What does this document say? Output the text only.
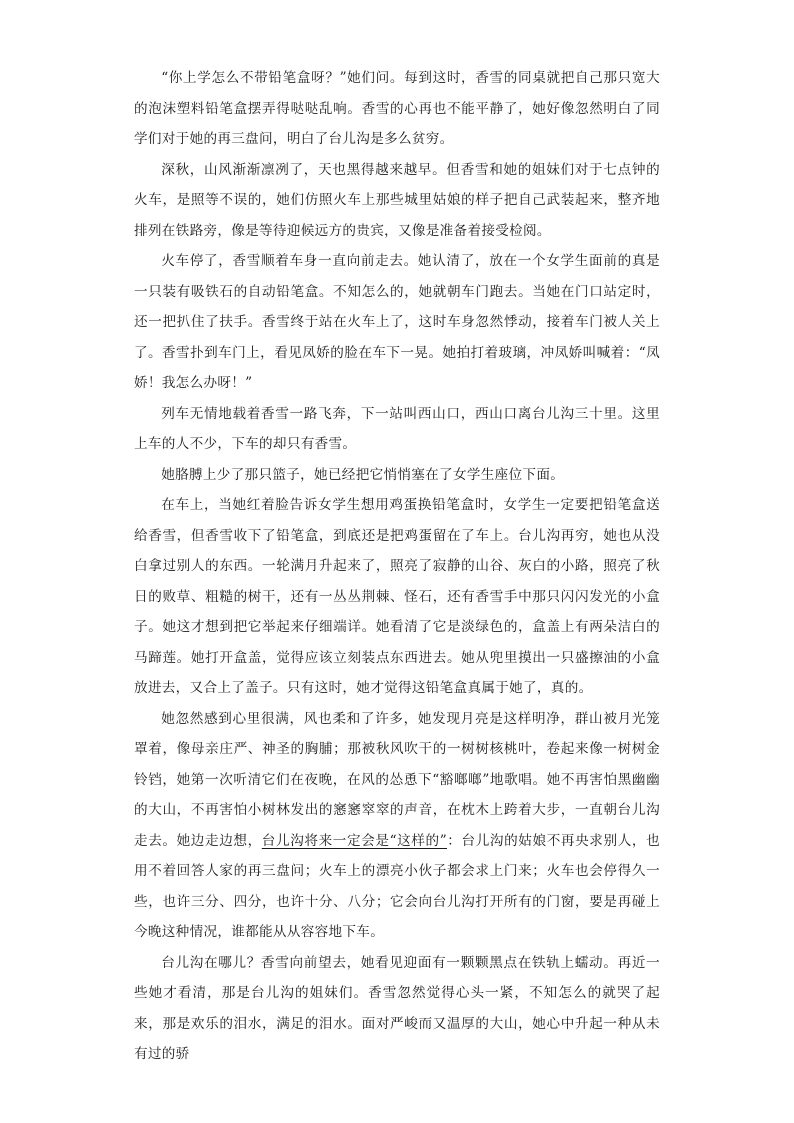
“你上学怎么不带铅笔盒呀？”她们问。每到这时，香雪的同桌就把自己那只宽大的泡沫塑料铅笔盒摆弄得哒哒乱响。香雪的心再也不能平静了，她好像忽然明白了同学们对于她的再三盘问，明白了台儿沟是多么贫穷。

深秋，山风渐渐凛冽了，天也黑得越来越早。但香雪和她的姐妹们对于七点钟的火车，是照等不误的，她们仿照火车上那些城里姑娘的样子把自己武装起来，整齐地排列在铁路旁，像是等待迎候远方的贵宾，又像是准备着接受检阅。

火车停了，香雪顺着车身一直向前走去。她认清了，放在一个女学生面前的真是一只装有吸铁石的自动铅笔盒。不知怎么的，她就朝车门跑去。当她在门口站定时，还一把扒住了扶手。香雪终于站在火车上了，这时车身忽然悸动，接着车门被人关上了。香雪扑到车门上，看见凤娇的脸在车下一晃。她拍打着玻璃，冲凤娇叫喊着：“凤娇！我怎么办呀！”

列车无情地载着香雪一路飞奔，下一站叫西山口，西山口离台儿沟三十里。这里上车的人不少，下车的却只有香雪。

她胳膊上少了那只篮子，她已经把它悄悄塞在了女学生座位下面。

在车上，当她红着脸告诉女学生想用鸡蛋换铅笔盒时，女学生一定要把铅笔盒送给香雪，但香雪收下了铅笔盒，到底还是把鸡蛋留在了车上。台儿沟再穷，她也从没白拿过别人的东西。一轮满月升起来了，照亮了寂静的山谷、灰白的小路，照亮了秋日的败草、粗糙的树干，还有一丛丛荆棘、怪石，还有香雪手中那只闪闪发光的小盒子。她这才想到把它举起来仔细端详。她看清了它是淡绿色的，盒盖上有两朵洁白的马蹄莲。她打开盒盖，觉得应该立刻装点东西进去。她从兜里摸出一只盛擦油的小盒放进去，又合上了盖子。只有这时，她才觉得这铅笔盒真属于她了，真的。

她忽然感到心里很满，风也柔和了许多，她发现月亮是这样明净，群山被月光笼罩着，像母亲庄严、神圣的胸脯；那被秋风吹干的一树树核桃叶，卷起来像一树树金铃铛，她第一次听清它们在夜晚，在风的怂恿下“豁啷啷”地歌唱。她不再害怕黑幽幽的大山，不再害怕小树林发出的窸窸窣窣的声音，在枕木上跨着大步，一直朝台儿沟走去。她边走边想，台儿沟将来一定会是“这样的”：台儿沟的姑娘不再央求别人，也用不着回答人家的再三盘问；火车上的漂亮小伙子都会求上门来；火车也会停得久一些，也许三分、四分，也许十分、八分；它会向台儿沟打开所有的门窗，要是再碰上今晚这种情况，谁都能从从容容地下车。

台儿沟在哪儿？香雪向前望去，她看见迎面有一颗颗黑点在铁轨上蠕动。再近一些她才看清，那是台儿沟的姐妹们。香雪忽然觉得心头一紧，不知怎么的就哭了起来，那是欢乐的泪水，满足的泪水。面对严峻而又温厚的大山，她心中升起一种从未有过的骄
